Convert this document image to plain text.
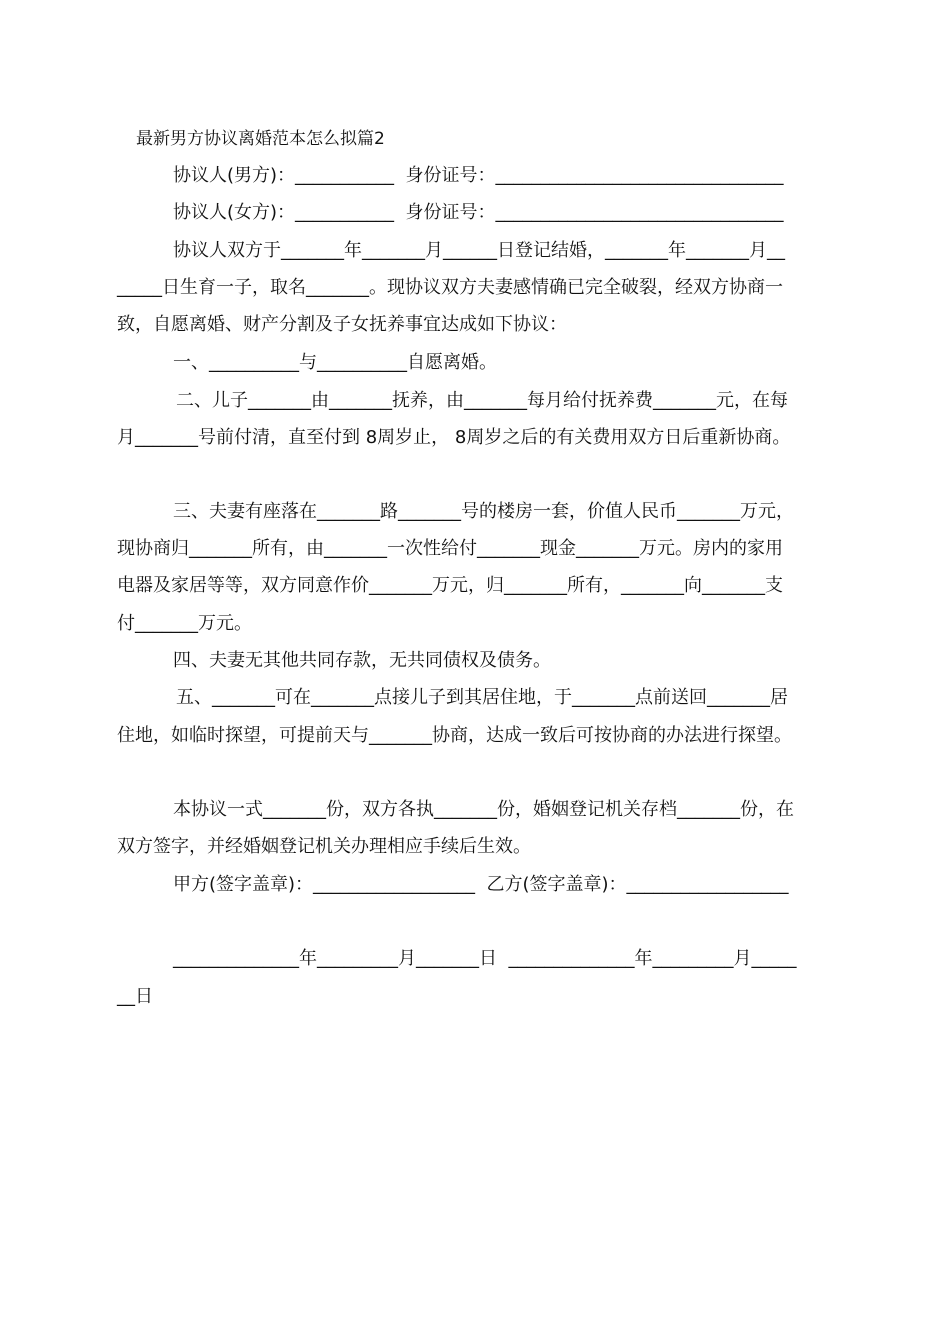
最新男方协议离婚范本怎么拟篇2
协议人(男方)：___________  身份证号：________________________________
协议人(女方)：___________  身份证号：________________________________
协议人双方于_______年_______月______日登记结婚，_______年_______月__
_____日生育一子，取名_______。现协议双方夫妻感情确已完全破裂，经双方协商一
致，自愿离婚、财产分割及子女抚养事宜达成如下协议：
一、__________与__________自愿离婚。
二、儿子_______由_______抚养，由_______每月给付抚养费_______元，在每
月_______号前付清，直至付到 8周岁止， 8周岁之后的有关费用双方日后重新协商。
三、夫妻有座落在_______路_______号的楼房一套，价值人民币_______万元，
现协商归_______所有，由_______一次性给付_______现金_______万元。房内的家用
电器及家居等等，双方同意作价_______万元，归_______所有，_______向_______支
付_______万元。
四、夫妻无其他共同存款，无共同债权及债务。
五、_______可在_______点接儿子到其居住地，于_______点前送回_______居
住地，如临时探望，可提前天与_______协商，达成一致后可按协商的办法进行探望。
本协议一式_______份，双方各执_______份，婚姻登记机关存档_______份，在
双方签字，并经婚姻登记机关办理相应手续后生效。
甲方(签字盖章)：__________________  乙方(签字盖章)：__________________
______________年_________月_______日  ______________年_________月_____
__日
